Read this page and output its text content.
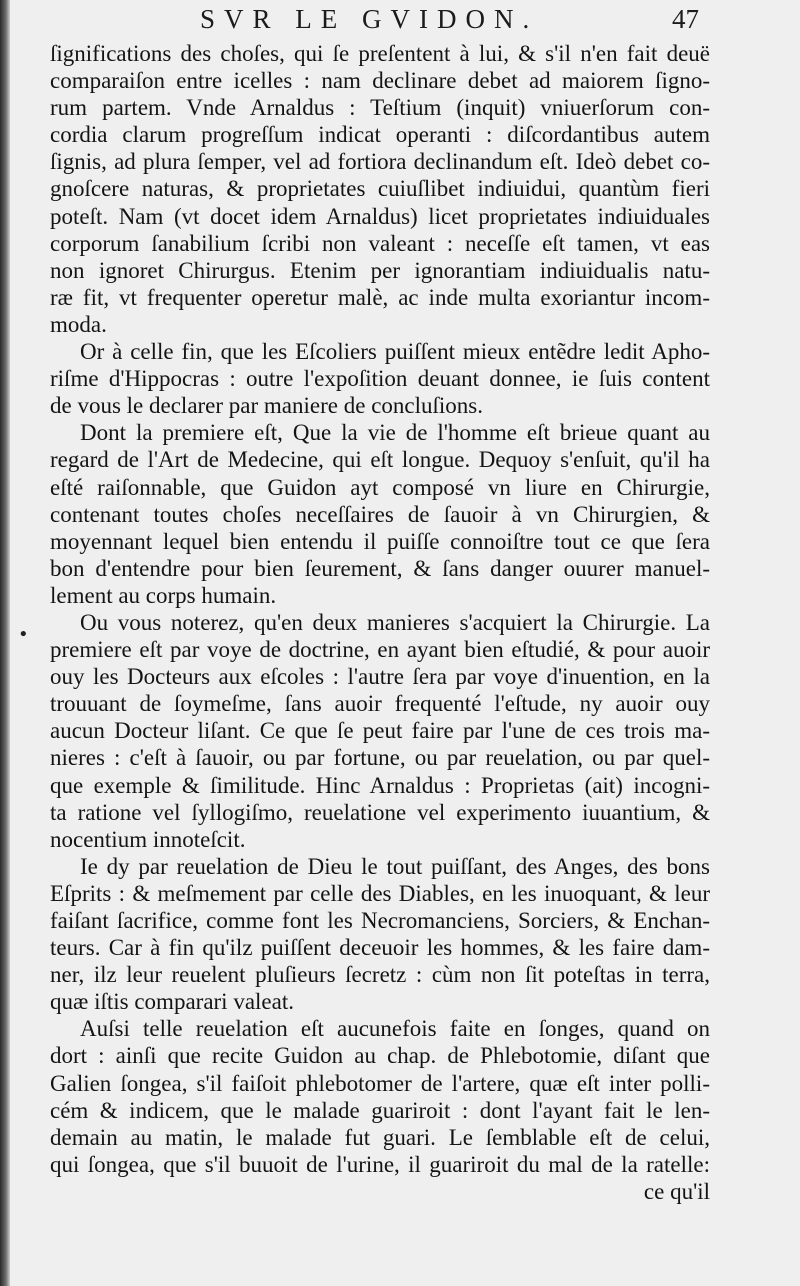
SVR LE GVIDON.	47
•
ſignifications des choſes, qui ſe preſentent à lui, & s'il n'en fait deuë
comparaiſon entre icelles : nam declinare debet ad maiorem ſigno-
rum partem. Vnde Arnaldus : Teſtium (inquit) vniuerſorum con-
cordia clarum progreſſum indicat operanti : diſcordantibus autem
ſignis, ad plura ſemper, vel ad fortiora declinandum eſt. Ideò debet co-
gnoſcere naturas, & proprietates cuiuſlibet indiuidui, quantùm fieri
poteſt. Nam (vt docet idem Arnaldus) licet proprietates indiuiduales
corporum ſanabilium ſcribi non valeant : neceſſe eſt tamen, vt eas
non ignoret Chirurgus. Etenim per ignorantiam indiuidualis natu-
ræ fit, vt frequenter operetur malè, ac inde multa exoriantur incom-
moda.
Or à celle fin, que les Eſcoliers puiſſent mieux entẽdre ledit Apho-
riſme d'Hippocras : outre l'expoſition deuant donnee, ie ſuis content
de vous le declarer par maniere de concluſions.
Dont la premiere eſt, Que la vie de l'homme eſt brieue quant au
regard de l'Art de Medecine, qui eſt longue. Dequoy s'enſuit, qu'il ha
eſté raiſonnable, que Guidon ayt composé vn liure en Chirurgie,
contenant toutes choſes neceſſaires de ſauoir à vn Chirurgien, &
moyennant lequel bien entendu il puiſſe connoiſtre tout ce que ſera
bon d'entendre pour bien ſeurement, & ſans danger ouurer manuel-
lement au corps humain.
Ou vous noterez, qu'en deux manieres s'acquiert la Chirurgie. La
premiere eſt par voye de doctrine, en ayant bien eſtudié, & pour auoir
ouy les Docteurs aux eſcoles : l'autre ſera par voye d'inuention, en la
trouuant de ſoymeſme, ſans auoir frequenté l'eſtude, ny auoir ouy
aucun Docteur liſant. Ce que ſe peut faire par l'une de ces trois ma-
nieres : c'eſt à ſauoir, ou par fortune, ou par reuelation, ou par quel-
que exemple & ſimilitude. Hinc Arnaldus : Proprietas (ait) incogni-
ta ratione vel ſyllogiſmo, reuelatione vel experimento iuuantium, &
nocentium innoteſcit.
Ie dy par reuelation de Dieu le tout puiſſant, des Anges, des bons
Eſprits : & meſmement par celle des Diables, en les inuoquant, & leur
faiſant ſacrifice, comme font les Necromanciens, Sorciers, & Enchan-
teurs. Car à fin qu'ilz puiſſent deceuoir les hommes, & les faire dam-
ner, ilz leur reuelent pluſieurs ſecretz : cùm non ſit poteſtas in terra,
quæ iſtis comparari valeat.
Auſsi telle reuelation eſt aucunefois faite en ſonges, quand on
dort : ainſi que recite Guidon au chap. de Phlebotomie, diſant que
Galien ſongea, s'il faiſoit phlebotomer de l'artere, quæ eſt inter polli-
cém & indicem, que le malade guariroit : dont l'ayant fait le len-
demain au matin, le malade fut guari. Le ſemblable eſt de celui,
qui ſongea, que s'il buuoit de l'urine, il guariroit du mal de la ratelle:
ce qu'il
